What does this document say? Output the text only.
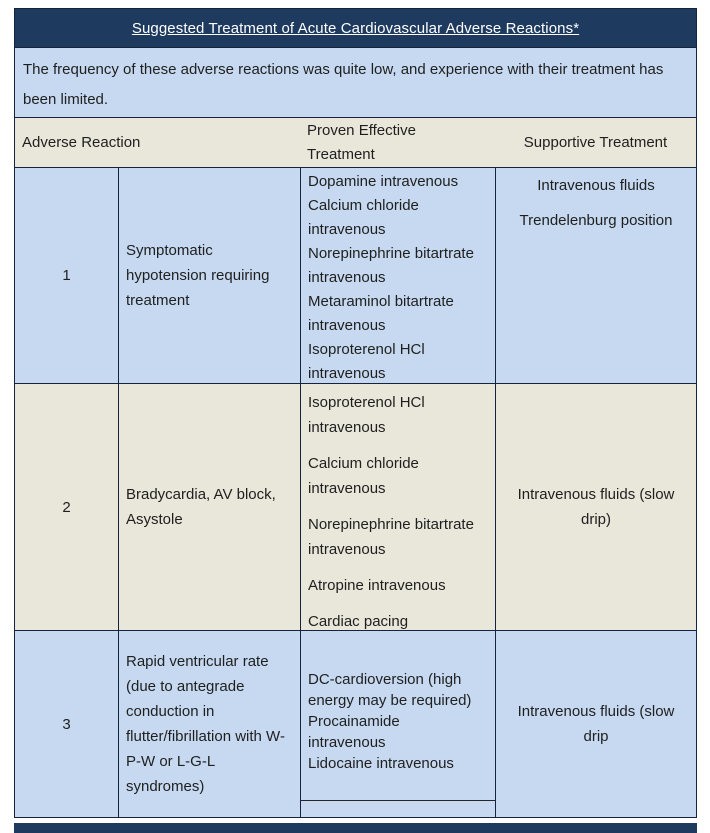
Suggested Treatment of Acute Cardiovascular Adverse Reactions*
The frequency of these adverse reactions was quite low, and experience with their treatment has been limited.
Adverse Reaction
Proven Effective Treatment
Supportive Treatment
1
Symptomatic hypotension requiring treatment
Dopamine intravenous
Calcium chloride intravenous
Norepinephrine bitartrate intravenous
Metaraminol bitartrate intravenous
Isoproterenol HCl intravenous
Intravenous fluids
Trendelenburg position
2
Bradycardia, AV block, Asystole
Isoproterenol HCl intravenous
Calcium chloride intravenous
Norepinephrine bitartrate intravenous
Atropine intravenous
Cardiac pacing
Intravenous fluids (slow drip)
3
Rapid ventricular rate (due to antegrade conduction in flutter/fibrillation with W-P-W or L-G-L syndromes)
DC-cardioversion (high energy may be required)
Procainamide intravenous
Lidocaine intravenous
Intravenous fluids (slow drip
